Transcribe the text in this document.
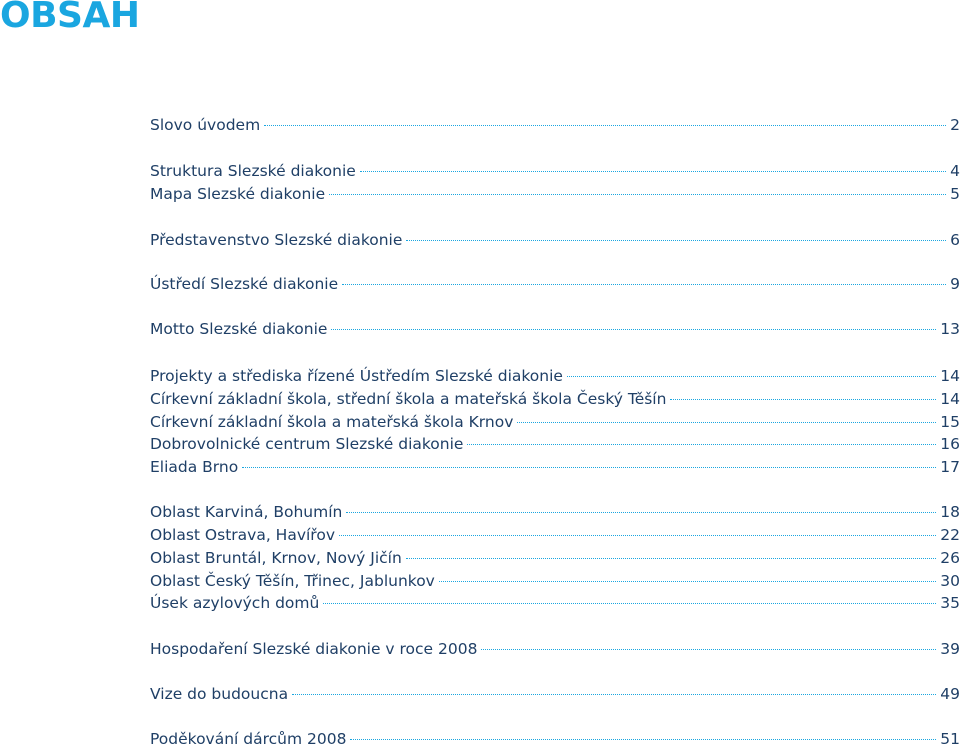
OBSAH
Slovo úvodem	2
Struktura Slezské diakonie	4
Mapa Slezské diakonie	5
Představenstvo Slezské diakonie	6
Ústředí Slezské diakonie	9
Motto Slezské diakonie	13
Projekty a střediska řízené Ústředím Slezské diakonie	14
Církevní základní škola, střední škola a mateřská škola Český Těšín	14
Církevní základní škola a mateřská škola Krnov	15
Dobrovolnické centrum Slezské diakonie	16
Eliada Brno	17
Oblast Karviná, Bohumín	18
Oblast Ostrava, Havířov	22
Oblast Bruntál, Krnov, Nový Jičín	26
Oblast Český Těšín, Třinec, Jablunkov	30
Úsek azylových domů	35
Hospodaření Slezské diakonie v roce 2008	39
Vize do budoucna	49
Poděkování dárcům 2008	51
